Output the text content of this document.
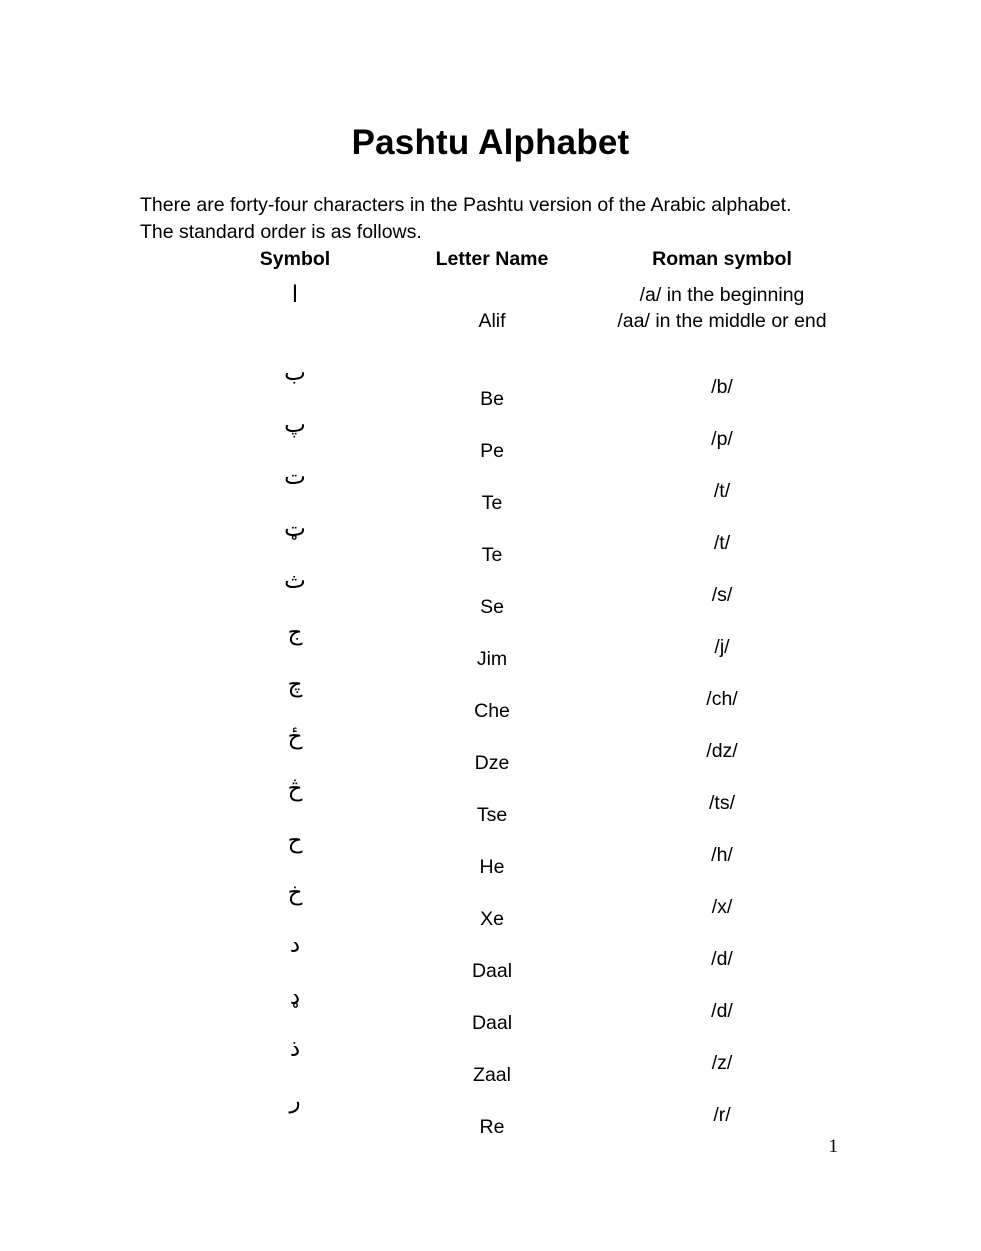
Pashtu Alphabet

There are forty-four characters in the Pashtu version of the Arabic alphabet. The standard order is as follows.

Symbol	Letter Name	Roman symbol
ا
Alif
/a/ in the beginning
/aa/ in the middle or end
ب
Be
/b/
پ
Pe
/p/
ت
Te
/t/
ټ
Te
/t/
ث
Se
/s/
ج
Jim
/j/
چ
Che
/ch/
ځ
Dze
/dz/
څ
Tse
/ts/
ح
He
/h/
خ
Xe
/x/
د
Daal
/d/
ډ
Daal
/d/
ذ
Zaal
/z/
ر
Re
/r/
1
